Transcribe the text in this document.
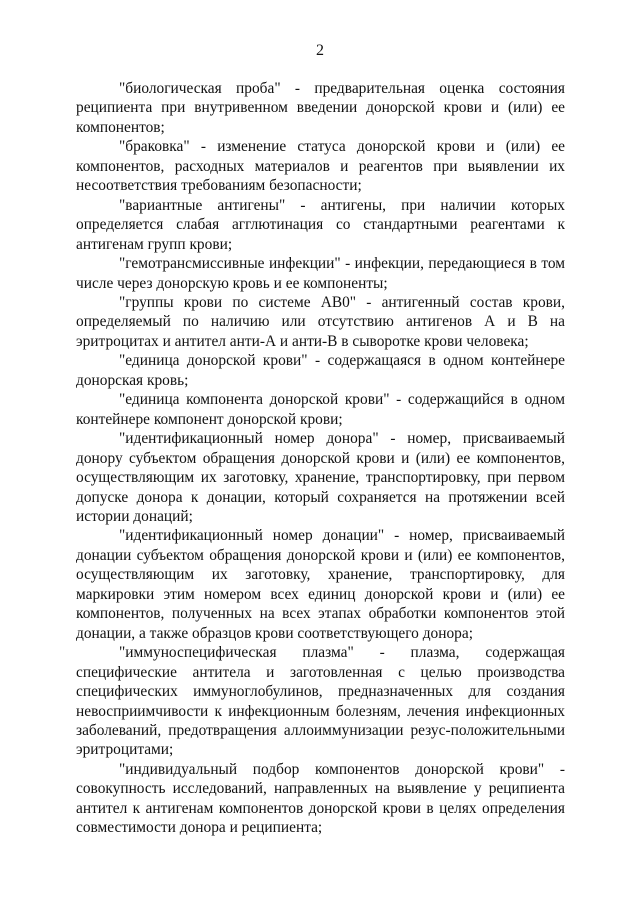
2

"биологическая проба" - предварительная оценка состояния реципиента при внутривенном введении донорской крови и (или) ее компонентов;

"браковка" - изменение статуса донорской крови и (или) ее компонентов, расходных материалов и реагентов при выявлении их несоответствия требованиям безопасности;

"вариантные антигены" - антигены, при наличии которых определяется слабая агглютинация со стандартными реагентами к антигенам групп крови;

"гемотрансмиссивные инфекции" - инфекции, передающиеся в том числе через донорскую кровь и ее компоненты;

"группы крови по системе АВ0" - антигенный состав крови, определяемый по наличию или отсутствию антигенов А и В на эритроцитах и антител анти-А и анти-В в сыворотке крови человека;

"единица донорской крови" - содержащаяся в одном контейнере донорская кровь;

"единица компонента донорской крови" - содержащийся в одном контейнере компонент донорской крови;

"идентификационный номер донора" - номер, присваиваемый донору субъектом обращения донорской крови и (или) ее компонентов, осуществляющим их заготовку, хранение, транспортировку, при первом допуске донора к донации, который сохраняется на протяжении всей истории донаций;

"идентификационный номер донации" - номер, присваиваемый донации субъектом обращения донорской крови и (или) ее компонентов, осуществляющим их заготовку, хранение, транспортировку, для маркировки этим номером всех единиц донорской крови и (или) ее компонентов, полученных на всех этапах обработки компонентов этой донации, а также образцов крови соответствующего донора;

"иммуноспецифическая плазма" - плазма, содержащая специфические антитела и заготовленная с целью производства специфических иммуноглобулинов, предназначенных для создания невосприимчивости к инфекционным болезням, лечения инфекционных заболеваний, предотвращения аллоиммунизации резус-положительными эритроцитами;

"индивидуальный подбор компонентов донорской крови" - совокупность исследований, направленных на выявление у реципиента антител к антигенам компонентов донорской крови в целях определения совместимости донора и реципиента;
